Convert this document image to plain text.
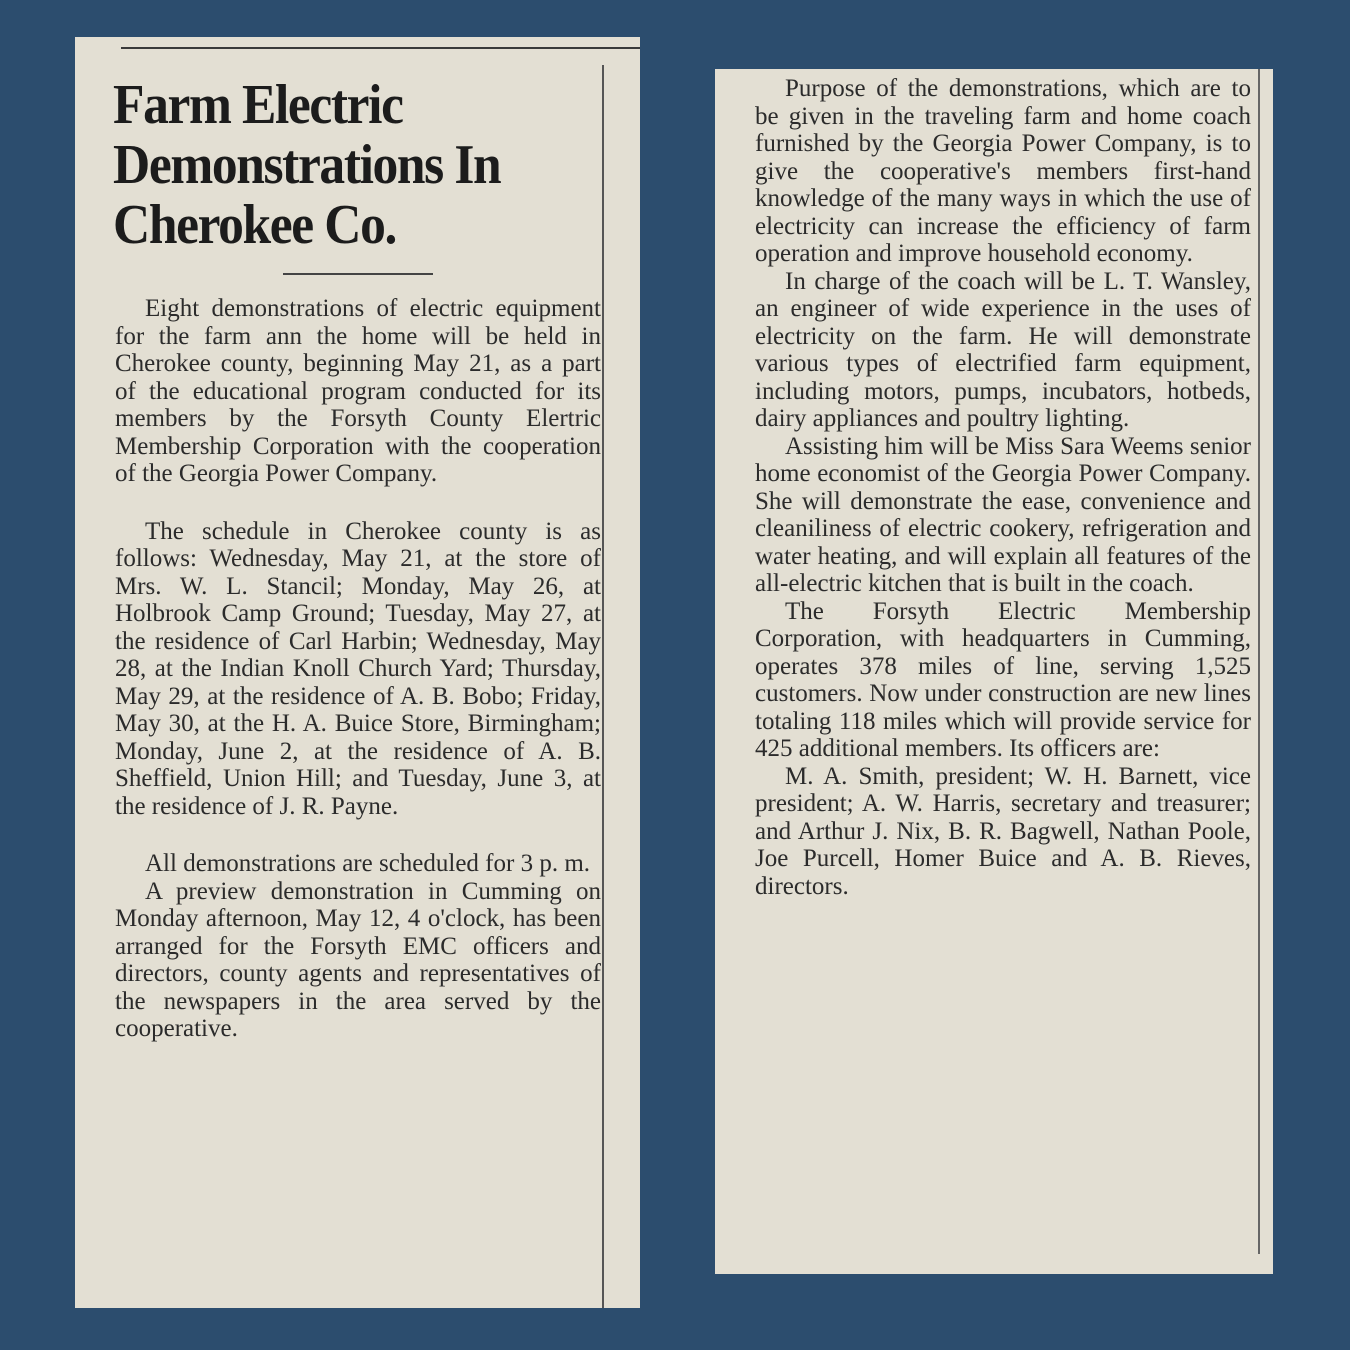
Farm Electric Demonstrations In Cherokee Co.

Eight demonstrations of electric equipment for the farm ann the home will be held in Cherokee county, beginning May 21, as a part of the educational program conducted for its members by the Forsyth County Elertric Membership Corporation with the cooperation of the Georgia Power Company.

The schedule in Cherokee county is as follows: Wednesday, May 21, at the store of Mrs. W. L. Stancil; Monday, May 26, at Holbrook Camp Ground; Tuesday, May 27, at the residence of Carl Harbin; Wednesday, May 28, at the Indian Knoll Church Yard; Thursday, May 29, at the residence of A. B. Bobo; Friday, May 30, at the H. A. Buice Store, Birmingham; Monday, June 2, at the residence of A. B. Sheffield, Union Hill; and Tuesday, June 3, at the residence of J. R. Payne.

All demonstrations are scheduled for 3 p. m.

A preview demonstration in Cumming on Monday afternoon, May 12, 4 o'clock, has been arranged for the Forsyth EMC officers and directors, county agents and representatives of the newspapers in the area served by the cooperative.

Purpose of the demonstrations, which are to be given in the traveling farm and home coach furnished by the Georgia Power Company, is to give the cooperative's members first-hand knowledge of the many ways in which the use of electricity can increase the efficiency of farm operation and improve household economy.

In charge of the coach will be L. T. Wansley, an engineer of wide experience in the uses of electricity on the farm. He will demonstrate various types of electrified farm equipment, including motors, pumps, incubators, hotbeds, dairy appliances and poultry lighting.

Assisting him will be Miss Sara Weems senior home economist of the Georgia Power Company. She will demonstrate the ease, convenience and cleaniliness of electric cookery, refrigeration and water heating, and will explain all features of the all-electric kitchen that is built in the coach.

The Forsyth Electric Membership Corporation, with headquarters in Cumming, operates 378 miles of line, serving 1,525 customers. Now under construction are new lines totaling 118 miles which will provide service for 425 additional members. Its officers are:

M. A. Smith, president; W. H. Barnett, vice president; A. W. Harris, secretary and treasurer; and Arthur J. Nix, B. R. Bagwell, Nathan Poole, Joe Purcell, Homer Buice and A. B. Rieves, directors.
